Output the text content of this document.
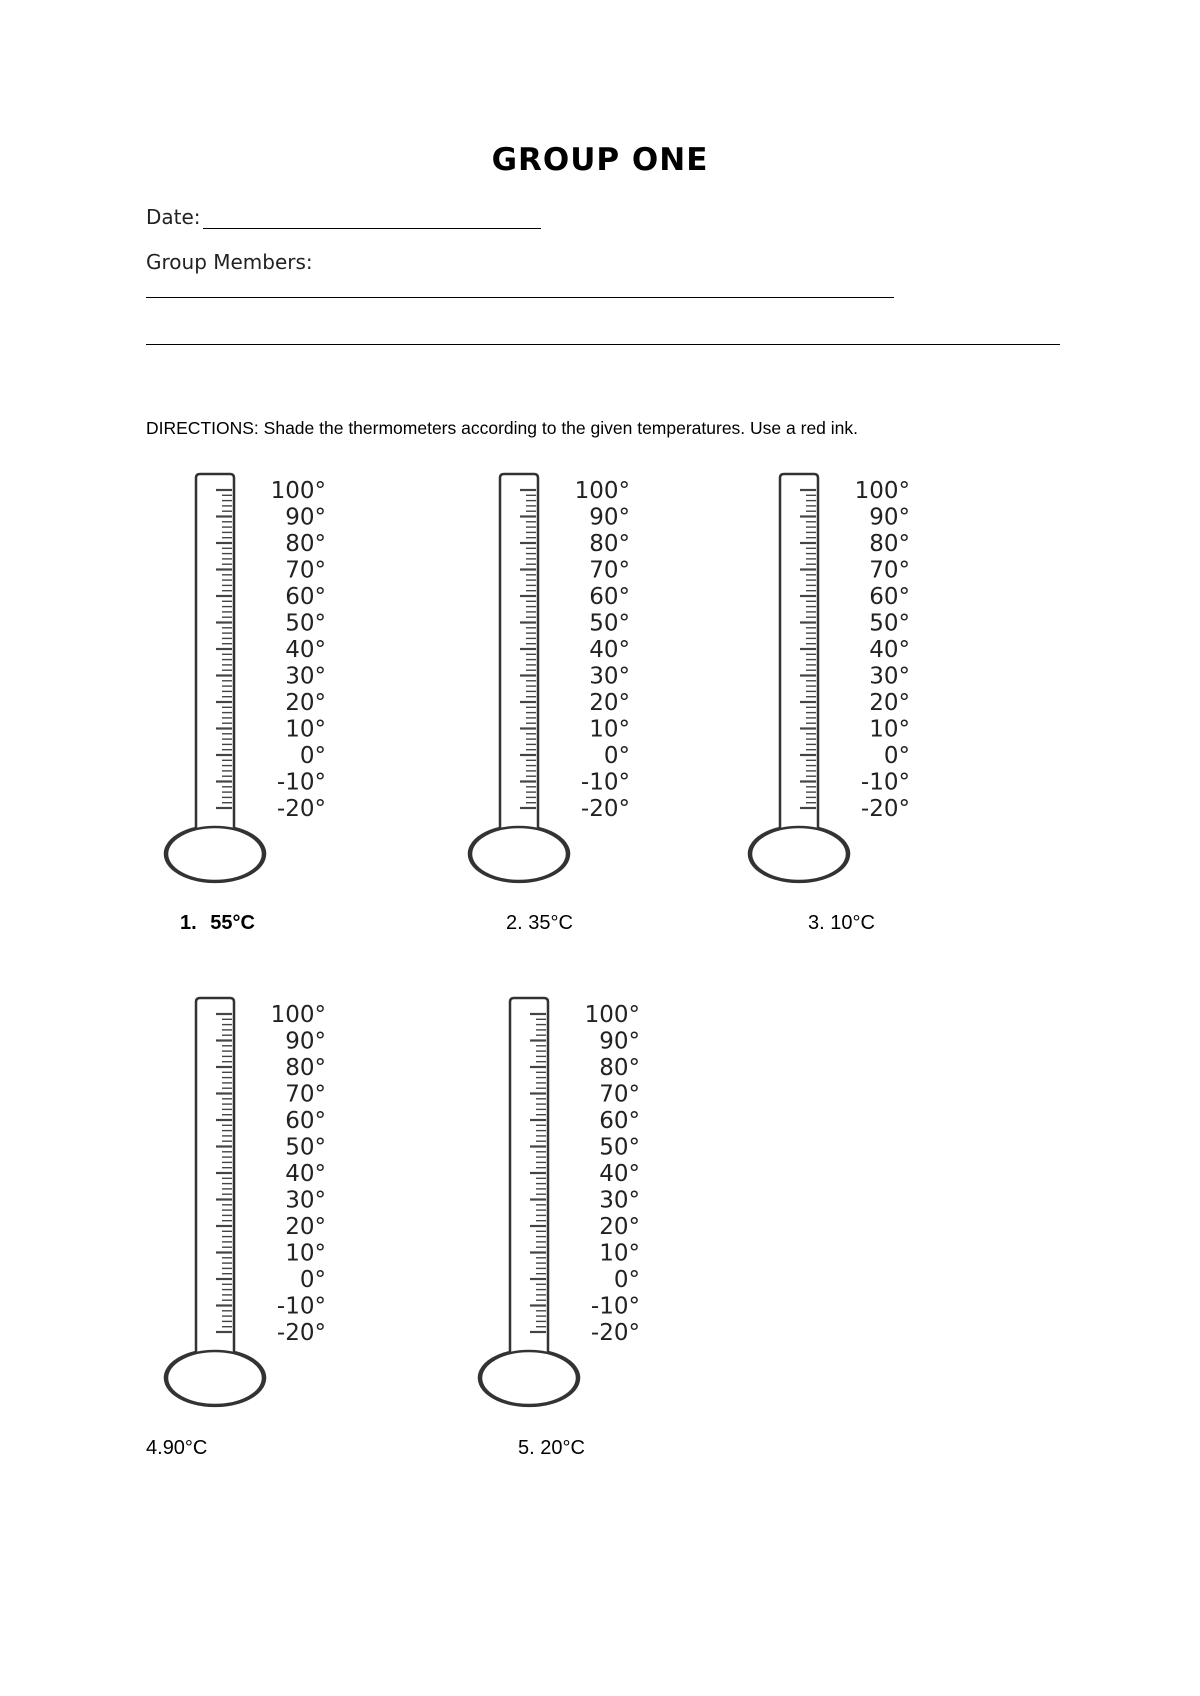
GROUP ONE
Date:
Group Members:
DIRECTIONS: Shade the thermometers according to the given temperatures. Use a red ink.
100°
90°
80°
70°
60°
50°
40°
30°
20°
10°
0°
-10°
-20°
100°
90°
80°
70°
60°
50°
40°
30°
20°
10°
0°
-10°
-20°
100°
90°
80°
70°
60°
50°
40°
30°
20°
10°
0°
-10°
-20°
100°
90°
80°
70°
60°
50°
40°
30°
20°
10°
0°
-10°
-20°
100°
90°
80°
70°
60°
50°
40°
30°
20°
10°
0°
-10°
-20°
1. 55°C	2. 35°C	3. 10°C
4.90°C	5. 20°C
